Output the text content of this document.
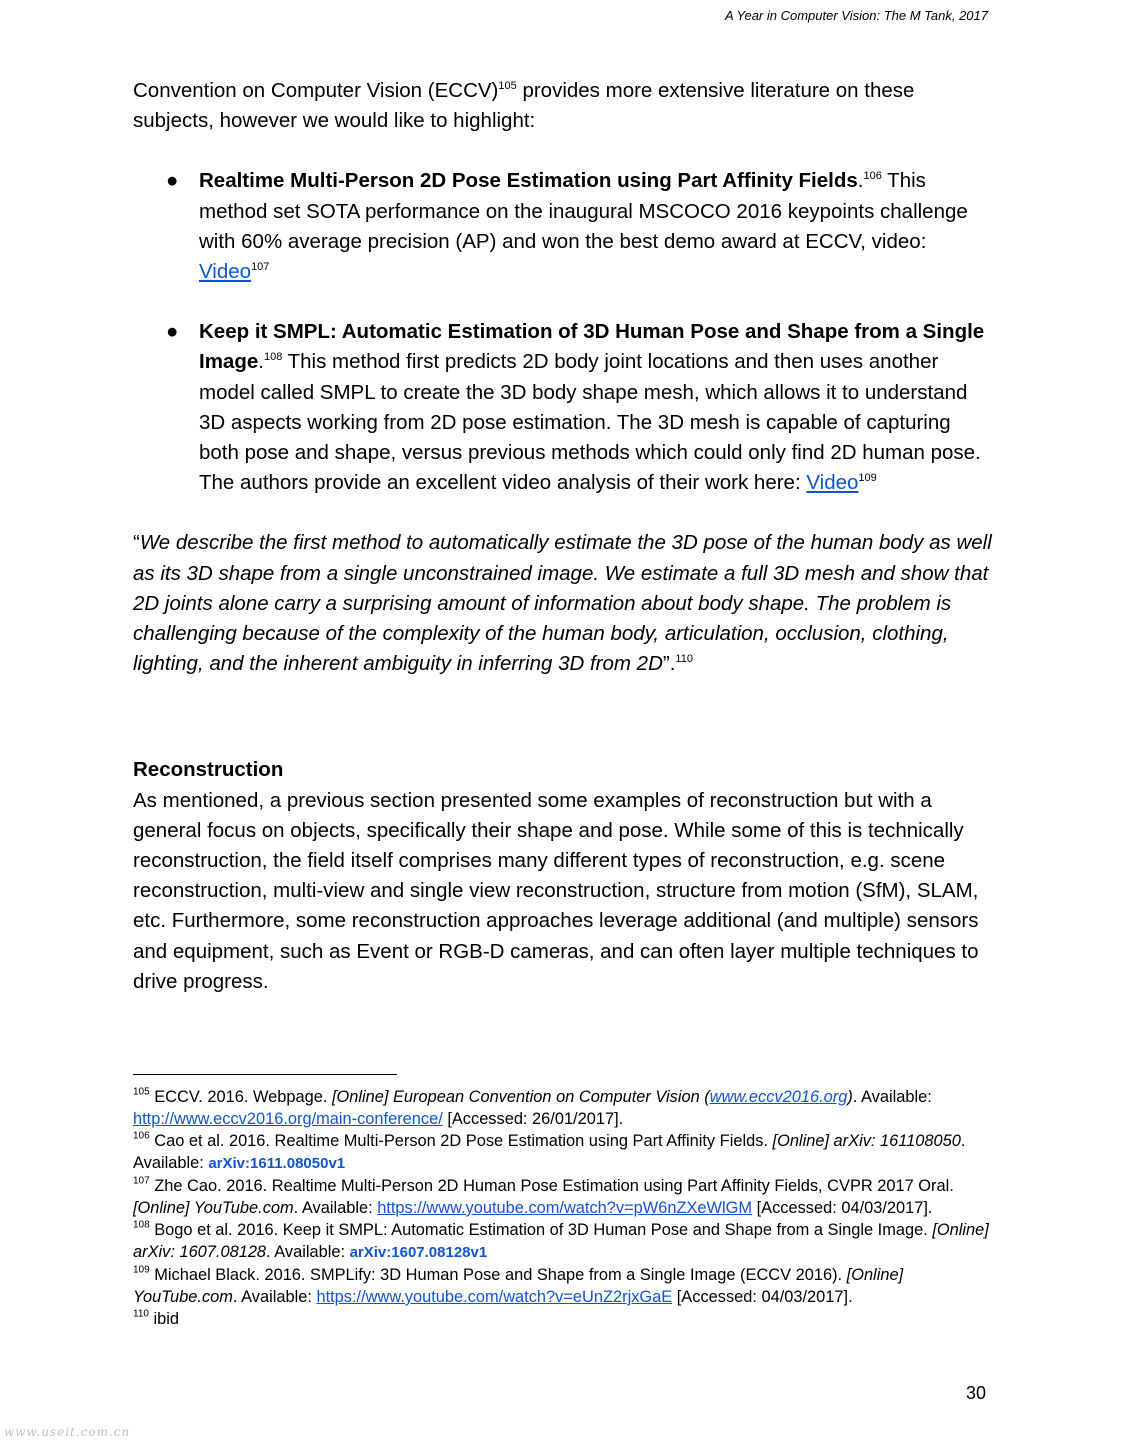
A Year in Computer Vision: The M Tank, 2017

Convention on Computer Vision (ECCV)$^{105}$ provides more extensive literature on these subjects, however we would like to highlight:

● Realtime Multi-Person 2D Pose Estimation using Part Affinity Fields.$^{106}$ This method set SOTA performance on the inaugural MSCOCO 2016 keypoints challenge with 60% average precision (AP) and won the best demo award at ECCV, video: Video$^{107}$
● Keep it SMPL: Automatic Estimation of 3D Human Pose and Shape from a Single Image.$^{108}$ This method first predicts 2D body joint locations and then uses another model called SMPL to create the 3D body shape mesh, which allows it to understand 3D aspects working from 2D pose estimation. The 3D mesh is capable of capturing both pose and shape, versus previous methods which could only find 2D human pose. The authors provide an excellent video analysis of their work here: Video$^{109}$

“We describe the first method to automatically estimate the 3D pose of the human body as well as its 3D shape from a single unconstrained image. We estimate a full 3D mesh and show that 2D joints alone carry a surprising amount of information about body shape. The problem is challenging because of the complexity of the human body, articulation, occlusion, clothing, lighting, and the inherent ambiguity in inferring 3D from 2D”.$^{110}$

Reconstruction

As mentioned, a previous section presented some examples of reconstruction but with a general focus on objects, specifically their shape and pose. While some of this is technically reconstruction, the field itself comprises many different types of reconstruction, e.g. scene reconstruction, multi-view and single view reconstruction, structure from motion (SfM), SLAM, etc. Furthermore, some reconstruction approaches leverage additional (and multiple) sensors and equipment, such as Event or RGB-D cameras, and can often layer multiple techniques to drive progress.

$^{105}$ ECCV. 2016. Webpage. [Online] European Convention on Computer Vision (www.eccv2016.org). Available: http://www.eccv2016.org/main-conference/ [Accessed: 26/01/2017].

$^{106}$ Cao et al. 2016. Realtime Multi-Person 2D Pose Estimation using Part Affinity Fields. [Online] arXiv: 161108050. Available: arXiv:1611.08050v1

$^{107}$ Zhe Cao. 2016. Realtime Multi-Person 2D Human Pose Estimation using Part Affinity Fields, CVPR 2017 Oral. [Online] YouTube.com. Available: https://www.youtube.com/watch?v=pW6nZXeWlGM [Accessed: 04/03/2017].

$^{108}$ Bogo et al. 2016. Keep it SMPL: Automatic Estimation of 3D Human Pose and Shape from a Single Image. [Online] arXiv: 1607.08128. Available: arXiv:1607.08128v1

$^{109}$ Michael Black. 2016. SMPLify: 3D Human Pose and Shape from a Single Image (ECCV 2016). [Online] YouTube.com. Available: https://www.youtube.com/watch?v=eUnZ2rjxGaE [Accessed: 04/03/2017].

$^{110}$ ibid

30
www.useit.com.cn
